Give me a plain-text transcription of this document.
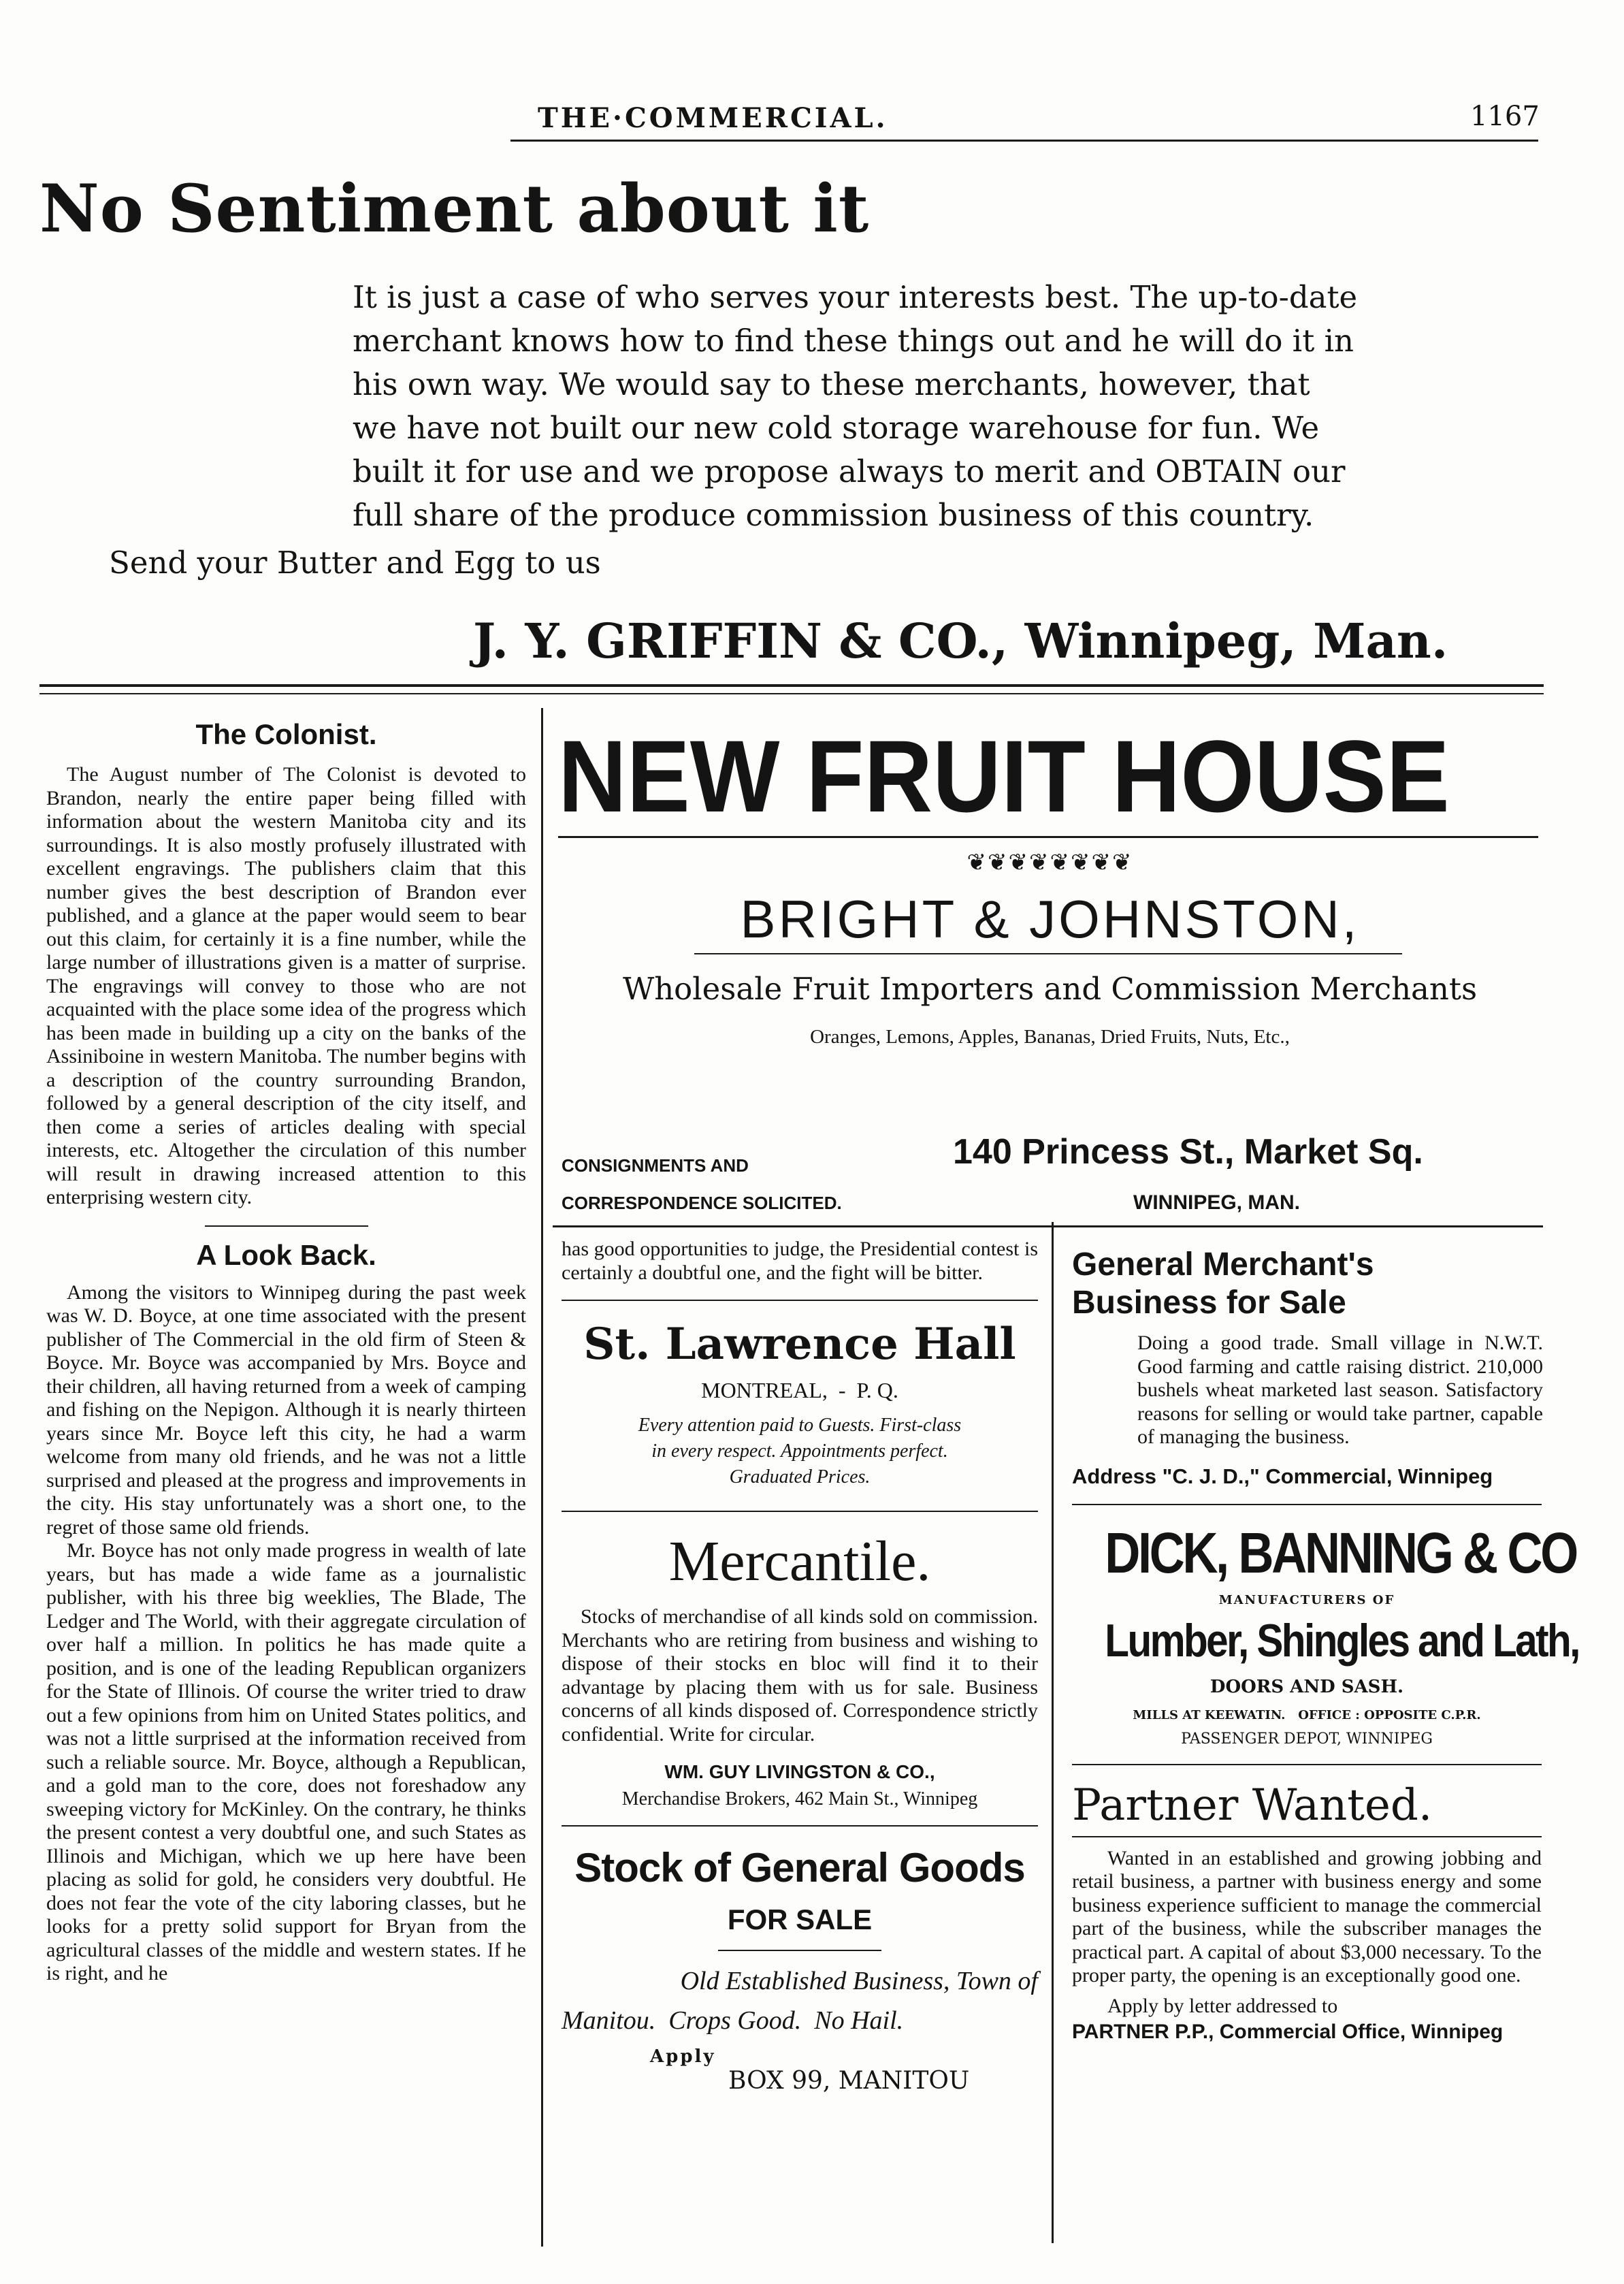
THE·COMMERCIAL.	1167
No Sentiment about it
It is just a case of who serves your interests best. The up-to-date
merchant knows how to find these things out and he will do it in
his own way. We would say to these merchants, however, that
we have not built our new cold storage warehouse for fun. We
built it for use and we propose always to merit and OBTAIN our
full share of the produce commission business of this country.
Send your Butter and Egg to us
J. Y. GRIFFIN & CO., Winnipeg, Man.
The Colonist.
The August number of The Colonist is devoted to Brandon, nearly the entire paper being filled with information about the western Manitoba city and its surroundings. It is also mostly profusely illustrated with excellent engravings. The publishers claim that this number gives the best description of Brandon ever published, and a glance at the paper would seem to bear out this claim, for certainly it is a fine number, while the large number of illustrations given is a matter of surprise. The engravings will convey to those who are not acquainted with the place some idea of the progress which has been made in building up a city on the banks of the Assiniboine in western Manitoba. The number begins with a description of the country surrounding Brandon, followed by a general description of the city itself, and then come a series of articles dealing with special interests, etc. Altogether the circulation of this number will result in drawing increased attention to this enterprising western city.
A Look Back.
Among the visitors to Winnipeg during the past week was W. D. Boyce, at one time associated with the present publisher of The Commercial in the old firm of Steen & Boyce. Mr. Boyce was accompanied by Mrs. Boyce and their children, all having returned from a week of camping and fishing on the Nepigon. Although it is nearly thirteen years since Mr. Boyce left this city, he had a warm welcome from many old friends, and he was not a little surprised and pleased at the progress and improvements in the city. His stay unfortunately was a short one, to the regret of those same old friends.
Mr. Boyce has not only made progress in wealth of late years, but has made a wide fame as a journalistic publisher, with his three big weeklies, The Blade, The Ledger and The World, with their aggregate circulation of over half a million. In politics he has made quite a position, and is one of the leading Republican organizers for the State of Illinois. Of course the writer tried to draw out a few opinions from him on United States politics, and was not a little surprised at the information received from such a reliable source. Mr. Boyce, although a Republican, and a gold man to the core, does not foreshadow any sweeping victory for McKinley. On the contrary, he thinks the present contest a very doubtful one, and such States as Illinois and Michigan, which we up here have been placing as solid for gold, he considers very doubtful. He does not fear the vote of the city laboring classes, but he looks for a pretty solid support for Bryan from the agricultural classes of the middle and western states. If he is right, and he
NEW FRUIT HOUSE
❦❦❦❦❦❦❦❦
BRIGHT & JOHNSTON,
Wholesale Fruit Importers and Commission Merchants
Oranges, Lemons, Apples, Bananas, Dried Fruits, Nuts, Etc.,
CONSIGNMENTS AND
CORRESPONDENCE SOLICITED.
140 Princess St., Market Sq.
WINNIPEG, MAN.
has good opportunities to judge, the Presidential contest is certainly a doubtful one, and the fight will be bitter.
St. Lawrence Hall
MONTREAL,  -  P. Q.
Every attention paid to Guests. First-class
in every respect. Appointments perfect.
Graduated Prices.
Mercantile.
Stocks of merchandise of all kinds sold on commission. Merchants who are retiring from business and wishing to dispose of their stocks en bloc will find it to their advantage by placing them with us for sale. Business concerns of all kinds disposed of. Correspondence strictly confidential. Write for circular.
WM. GUY LIVINGSTON & CO.,
Merchandise Brokers, 462 Main St., Winnipeg
Stock of General Goods
FOR SALE
Old Established Business, Town of
Manitou.  Crops Good.  No Hail.
Apply
BOX 99, MANITOU
General Merchant's
Business for Sale
Doing a good trade. Small village in N.W.T. Good farming and cattle raising district. 210,000 bushels wheat marketed last season. Satisfactory reasons for selling or would take partner, capable of managing the business.
Address "C. J. D.," Commercial, Winnipeg
DICK, BANNING & CO
MANUFACTURERS OF
Lumber, Shingles and Lath,
DOORS AND SASH.
MILLS AT KEEWATIN.   OFFICE : OPPOSITE C.P.R.
PASSENGER DEPOT, WINNIPEG
Partner Wanted.
Wanted in an established and growing jobbing and retail business, a partner with business energy and some business experience sufficient to manage the commercial part of the business, while the subscriber manages the practical part. A capital of about $3,000 necessary. To the proper party, the opening is an exceptionally good one.
Apply by letter addressed to
PARTNER P.P., Commercial Office, Winnipeg
